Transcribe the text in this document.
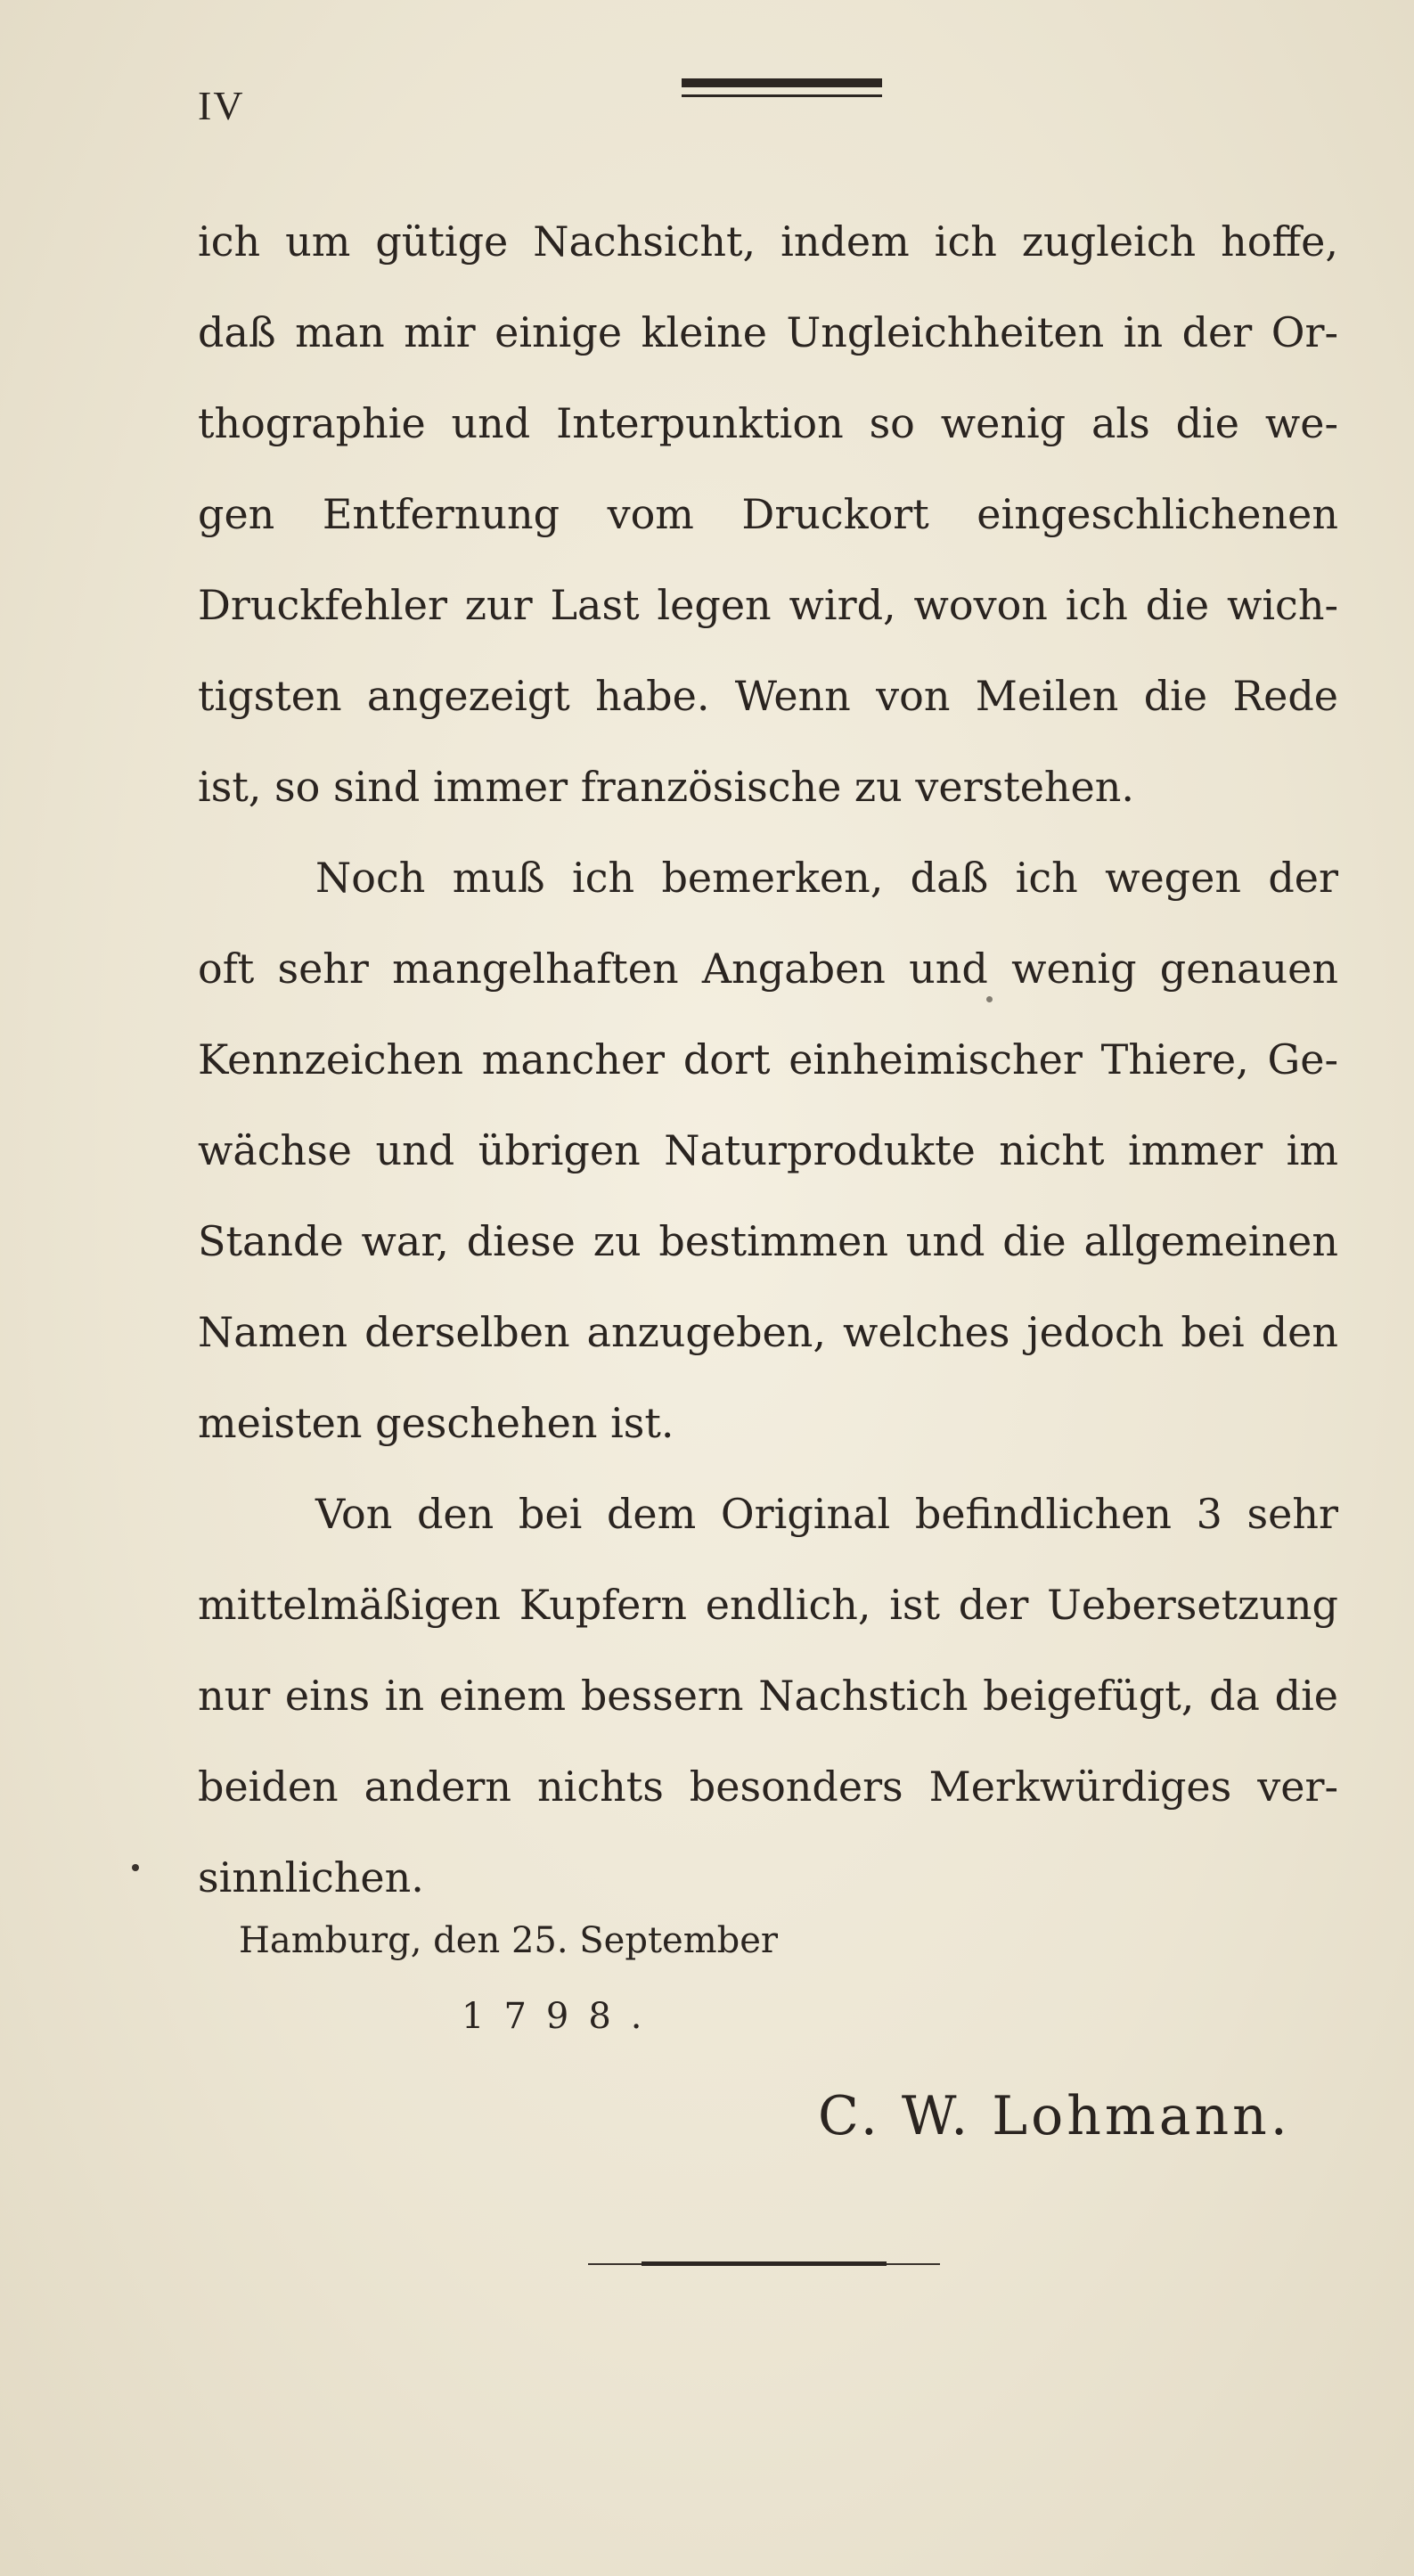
IV
ich um gütige Nachsicht, indem ich zugleich hoffe,
daß man mir einige kleine Ungleichheiten in der Or-
thographie und Interpunktion so wenig als die we-
gen Entfernung vom Druckort eingeschlichenen
Druckfehler zur Last legen wird, wovon ich die wich-
tigsten angezeigt habe. Wenn von Meilen die Rede
ist, so sind immer französische zu verstehen.
Noch muß ich bemerken, daß ich wegen der
oft sehr mangelhaften Angaben und wenig genauen
Kennzeichen mancher dort einheimischer Thiere, Ge-
wächse und übrigen Naturprodukte nicht immer im
Stande war, diese zu bestimmen und die allgemeinen
Namen derselben anzugeben, welches jedoch bei den
meisten geschehen ist.
Von den bei dem Original befindlichen 3 sehr
mittelmäßigen Kupfern endlich, ist der Uebersetzung
nur eins in einem bessern Nachstich beigefügt, da die
beiden andern nichts besonders Merkwürdiges ver-
sinnlichen.
Hamburg, den 25. September
1798.
C. W. Lohmann.
